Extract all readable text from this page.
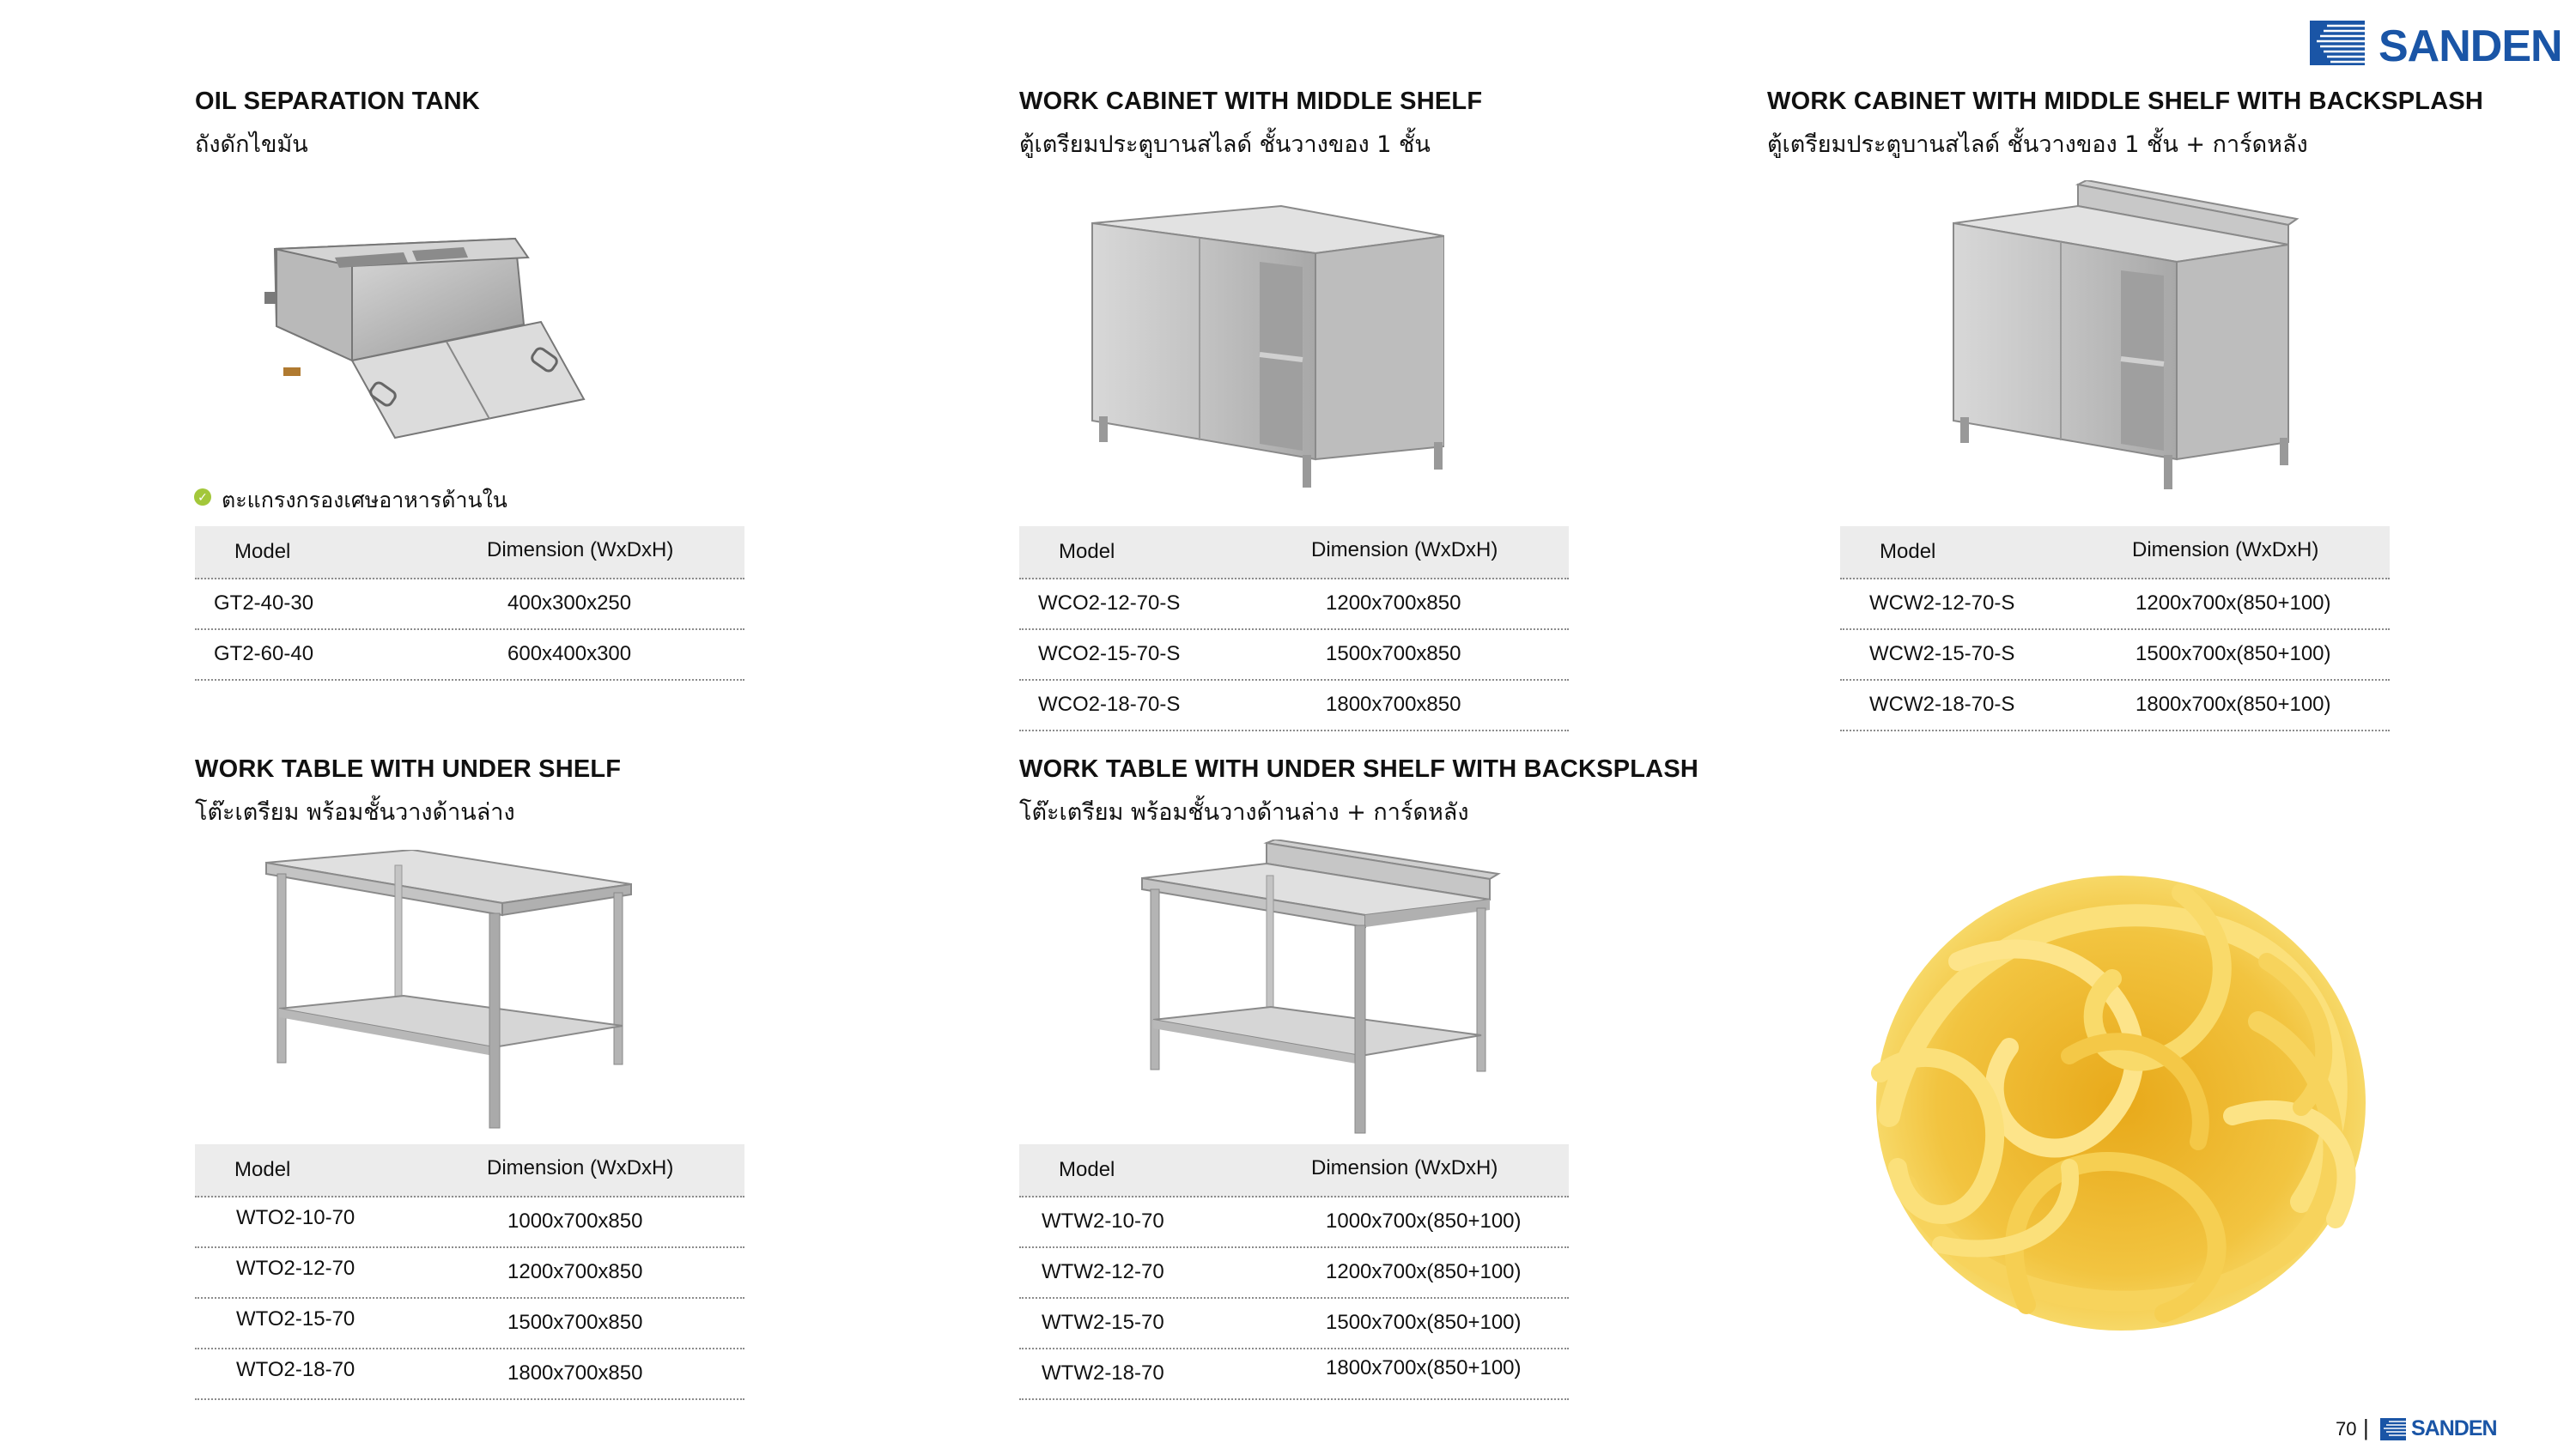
SANDEN
OIL SEPARATION TANK
ถังดักไขมัน
✓ ตะแกรงกรองเศษอาหารด้านใน
Model	Dimension (WxDxH)
GT2-40-30	400x300x250
GT2-60-40	600x400x300
WORK CABINET WITH MIDDLE SHELF
ตู้เตรียมประตูบานสไลด์ ชั้นวางของ 1 ชั้น
Model	Dimension (WxDxH)
WCO2-12-70-S	1200x700x850
WCO2-15-70-S	1500x700x850
WCO2-18-70-S	1800x700x850
WORK CABINET WITH MIDDLE SHELF WITH BACKSPLASH
ตู้เตรียมประตูบานสไลด์ ชั้นวางของ 1 ชั้น + การ์ดหลัง
Model	Dimension (WxDxH)
WCW2-12-70-S	1200x700x(850+100)
WCW2-15-70-S	1500x700x(850+100)
WCW2-18-70-S	1800x700x(850+100)
WORK TABLE WITH UNDER SHELF
โต๊ะเตรียม พร้อมชั้นวางด้านล่าง
Model	Dimension (WxDxH)
WTO2-10-70	1000x700x850
WTO2-12-70	1200x700x850
WTO2-15-70	1500x700x850
WTO2-18-70	1800x700x850
WORK TABLE WITH UNDER SHELF WITH BACKSPLASH
โต๊ะเตรียม พร้อมชั้นวางด้านล่าง + การ์ดหลัง
Model	Dimension (WxDxH)
WTW2-10-70	1000x700x(850+100)
WTW2-12-70	1200x700x(850+100)
WTW2-15-70	1500x700x(850+100)
WTW2-18-70	1800x700x(850+100)
70 | SANDEN
